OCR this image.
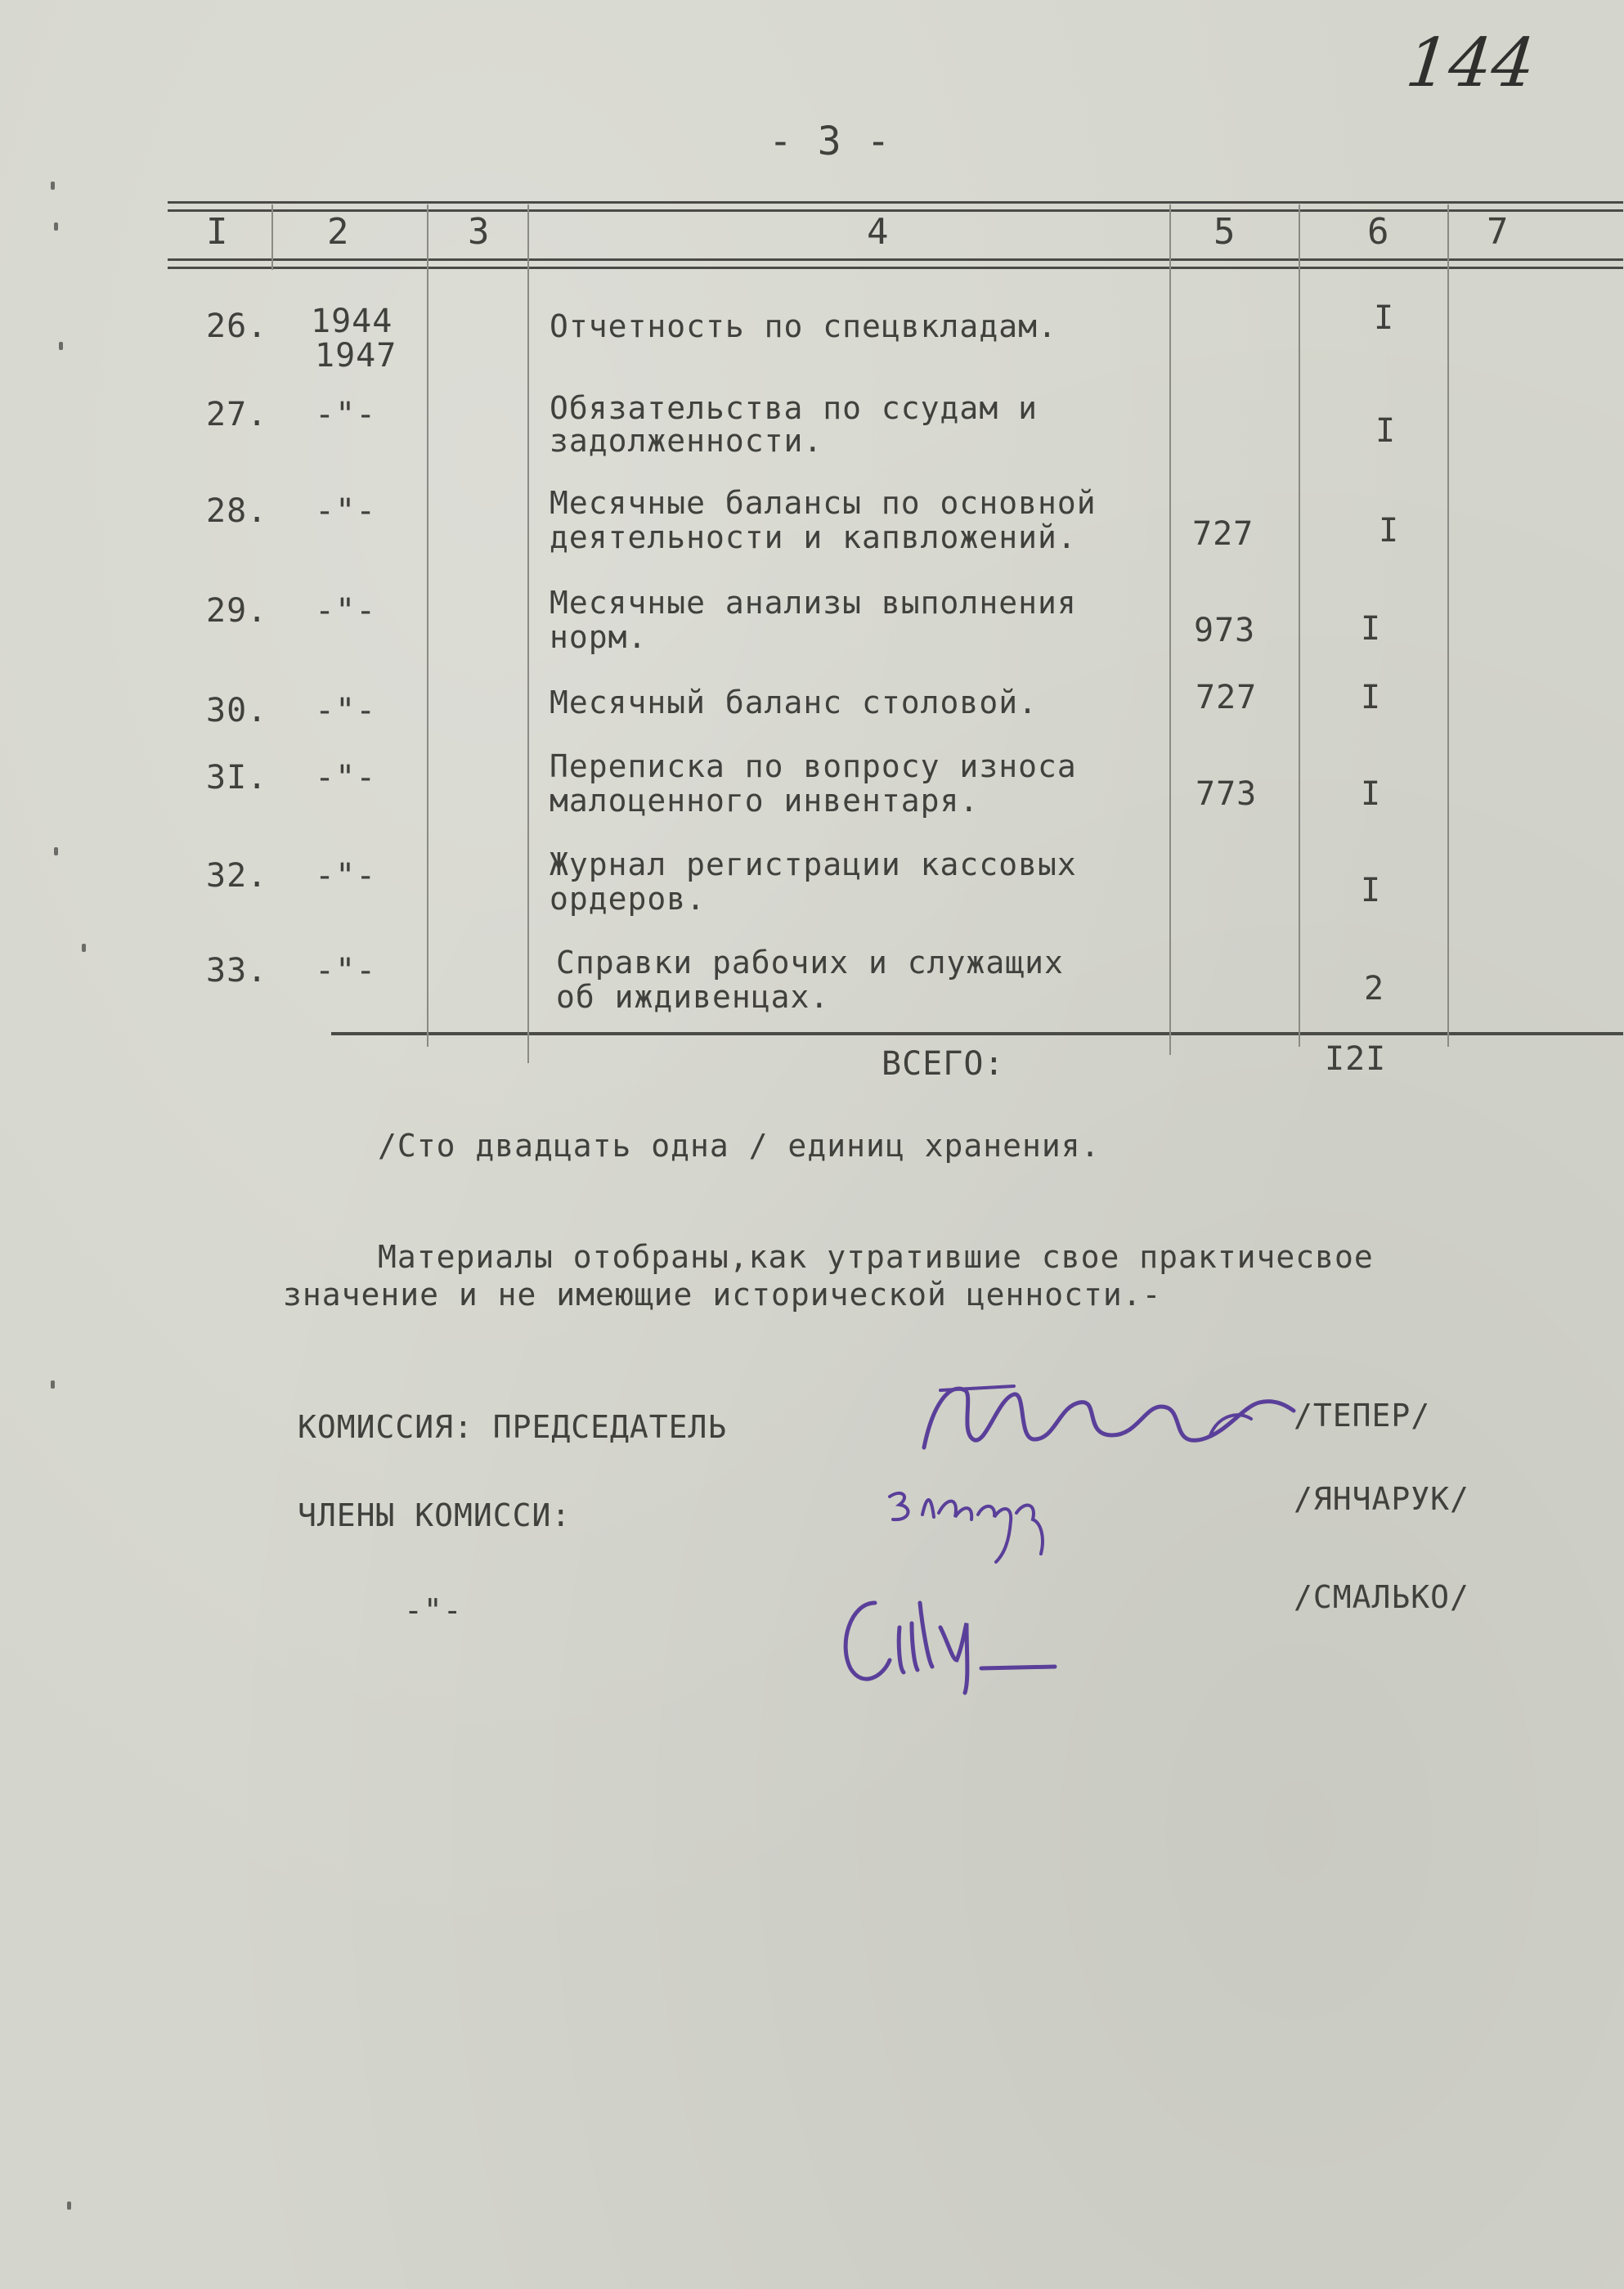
144
- 3 -
I	2	3	4	5	6	7
26. 1944
1947
Отчетность по спецвкладам.	I
27. -"-	Обязательства по ссудам и
задолженности.	I
28. -"-	Месячные балансы по основной
деятельности и капвложений.	727	I
29. -"-	Месячные анализы выполнения
норм.	973	I
30. -"-	Месячный баланс столовой.	727	I
3I. -"-	Переписка по вопросу износа
малоценного инвентаря.	773	I
32. -"-	Журнал регистрации кассовых
ордеров.	I
33. -"-	Справки рабочих и служащих
об иждивенцах.	2
ВСЕГО:	I2I
/Сто двадцать одна / единиц хранения.
Материалы отобраны,как утратившие свое практичесвое
значение и не имеющие исторической ценности.-
КОМИССИЯ: ПРЕДСЕДАТЕЛЬ	/ТЕПЕР/
ЧЛЕНЫ КОМИССИ:	/ЯНЧАРУК/
-"-	/СМАЛЬКО/
